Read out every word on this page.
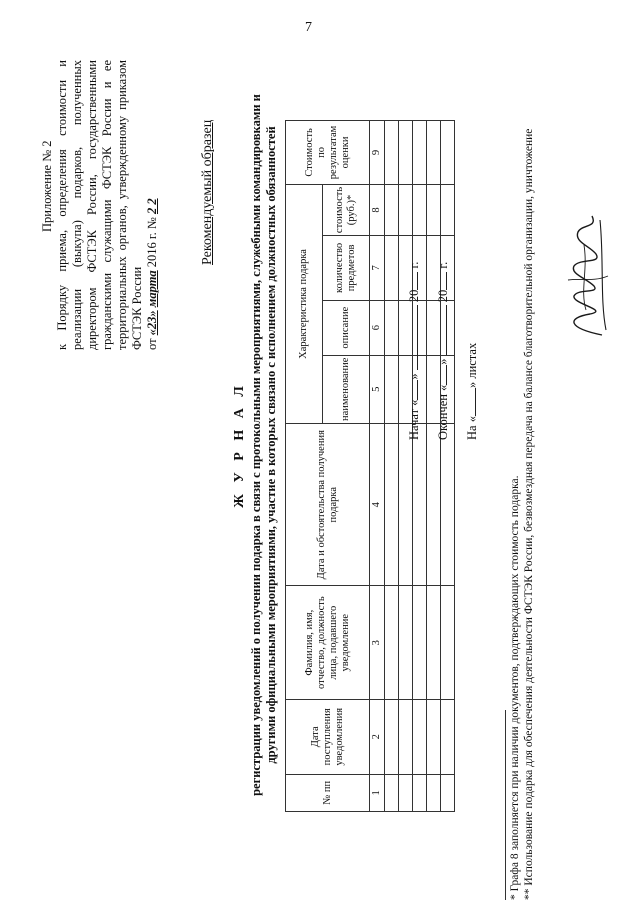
7
Приложение № 2 к Порядку приема, определения стоимости и реализации (выкупа) подарков, полученных директором ФСТЭК России, государственными гражданскими служащими ФСТЭК России и ее территориальных органов, утвержденному приказом ФСТЭК России от «23» марта 2016 г. № 2 2	Рекомендуемый образец
Ж У Р Н А Л регистрации уведомлений о получении подарка в связи с протокольными мероприятиями, служебными командировками и другими официальными мероприятиями, участие в которых связано с исполнением должностных обязанностей
№ пп	Дата поступления уведомления	Фамилия, имя, отчество, должность лица, подавшего уведомление	Дата и обстоятельства получения подарка	Характеристика подарка				Стоимость по результатам оценки
				наименование	описание	количество предметов	стоимость (руб.)*	
1	2	3	4	5	6	7	8	9

Начат «»  20 г.
Окончен «»  20 г.
На «» листах
* Графа 8 заполняется при наличии документов, подтверждающих стоимость подарка. ** Использование подарка для обеспечения деятельности ФСТЭК России, безвозмездная передача на балансе благотворительной организации, уничтожение
